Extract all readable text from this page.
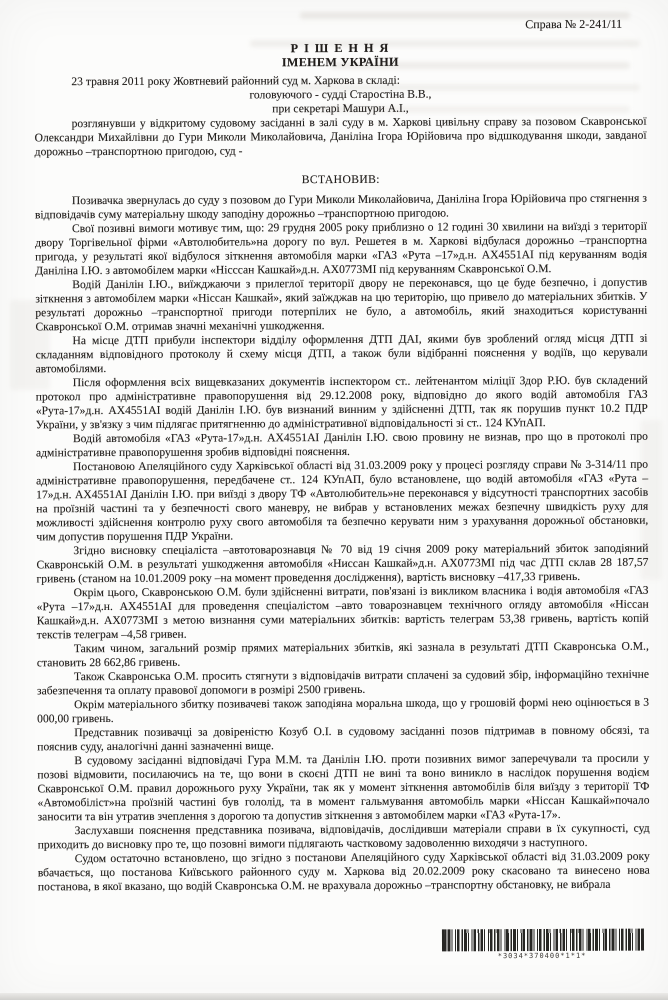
Справа № 2-241/11
Р І Ш Е Н Н Я
ІМЕНЕМ УКРАЇНИ

23 травня 2011 року Жовтневий районний суд м. Харкова в складі:

головуючого - судді Старостіна В.В.,

при секретарі Машури А.І.,

розглянувши у відкритому судовому засіданні в залі суду в м. Харкові цивільну справу за позовом Скавронської Олександри Михайлівни до Гури Миколи Миколайовича, Даніліна Ігора Юрійовича про відшкодування шкоди, завданої дорожньо –транспортною пригодою, суд -

ВСТАНОВИВ:

Позивачка звернулась до суду з позовом до Гури Миколи Миколайовича, Даніліна Ігора Юрійовича про стягнення з відповідачів суму матеріальну шкоду заподіну дорожньо –транспортною пригодою.

Свої позивні вимоги мотивує тим, що: 29 грудня 2005 року приблизно о 12 годині 30 хвилини на виїзді з території двору Торгівельної фірми «Автолюбитель»на дорогу по вул. Решетея в м. Харкові відбулася дорожньо –транспортна пригода, у результаті якої відбулося зіткнення автомобіля марки «ГАЗ «Рута –17»д.н. АХ4551АІ під керуванням водія Даніліна І.Ю. з автомобілем марки «Нісссан Кашкай»д.н. АХ0773МІ під керуванням Скавронської О.М.

Водій Данілін І.Ю., виїжджаючи з прилеглої території двору не переконався, що це буде безпечно, і допустив зіткнення з автомобілем марки «Ніссан Кашкай», який заїжджав на цю територію, що привело до матеріальних збитків. У результаті дорожньо –транспортної пригоди потерпілих не було, а автомобіль, який знаходиться користуванні Скавронської О.М. отримав значні механічні ушкодження.

На місце ДТП прибули інспектори відділу оформлення ДТП ДАІ, якими був зроблений огляд місця ДТП зі складанням відповідного протоколу й схему місця ДТП, а також були відібранні пояснення у водіїв, що керували автомобілями.

Після оформлення всіх вищевказаних документів інспектором ст.. лейтенантом міліції Здор Р.Ю. був складений протокол про адміністративне правопорушення від 29.12.2008 року, відповідно до якого водій автомобіля ГАЗ «Рута-17»д.н. АХ4551АІ водій Данілін І.Ю. був визнаний винним у здійсненні ДТП, так як порушив пункт 10.2 ПДР України, у зв'язку з чим підлягає притягненню до адміністративної відповідальності зі ст.. 124 КУпАП.

Водій автомобіля «ГАЗ «Рута-17»д.н. АХ4551АІ Данілін І.Ю. свою провину не визнав, про що в протоколі про адміністративне правопорушення зробив відповідні пояснення.

Постановою Апеляційного суду Харківської області від 31.03.2009 року у процесі розгляду справи № 3-314/11 про адміністративне правопорушення, передбачене ст.. 124 КУпАП, було встановлене, що водій автомобіля «ГАЗ «Рута –17»д.н. АХ4551АІ Данілін І.Ю. при виїзді з двору ТФ «Автолюбитель»не переконався у відсутності транспортних засобів на проїзній частині та у безпечності свого маневру, не вибрав у встановлених межах безпечну швидкість руху для можливості здійснення контролю руху свого автомобіля та безпечно керувати ним з урахування дорожньої обстановки, чим допустив порушення ПДР України.

Згідно висновку спеціаліста –автотоварознавця № 70 від 19 січня 2009 року матеріальний збиток заподіяний Скавронській О.М. в результаті ушкодження автомобіля «Ниссан Кашкай»д.н. АХ0773МІ під час ДТП склав 28 187,57 гривень (станом на 10.01.2009 року –на момент проведення дослідження), вартість висновку –417,33 гривень.

Окрім цього, Скавронською О.М. були здійсненні витрати, пов'язані із викликом власника і водія автомобіля «ГАЗ «Рута –17»д.н. АХ4551АІ для проведення спеціалістом –авто товарознавцем технічного огляду автомобіля «Ніссан Кашкай»д.н. АХ0773МІ з метою визнання суми матеріальних збитків: вартість телеграм 53,38 гривень, вартість копій текстів телеграм –4,58 гривен.

Таким чином, загальний розмір прямих матеріальних збитків, які зазнала в результаті ДТП Скавронська О.М., становить 28 662,86 гривень.

Також Скавронська О.М. просить стягнути з відповідачів витрати сплачені за судовий збір, інформаційно технічне забезпечення та оплату правової допомоги в розмірі 2500 гривень.

Окрім матеріального збитку позивачеві також заподіяна моральна шкода, що у грошовій формі нею оцінюється в 3 000,00 гривень.

Представник позивачці за довіреністю Козуб О.І. в судовому засіданні позов підтримав в повному обсязі, та пояснив суду, аналогічні данні зазначенні вище.

В судовому засіданні відповідачі Гура М.М. та Данілін І.Ю. проти позивних вимог заперечували та просили у позові відмовити, посилаючись на те, що вони в скоєні ДТП не вині та воно виникло в наслідок порушення водієм Скавронської О.М. правил дорожнього руху України, так як у момент зіткнення автомобілів біля виїзду з території ТФ «Автомобіліст»на проїзній частині був гололід, та в момент гальмування автомобіль марки «Ніссан Кашкай»почало заносити та він утратив зчеплення з дорогою та допустив зіткнення з автомобілем марки «ГАЗ «Рута-17».

Заслухавши пояснення представника позивача, відповідачів, дослідивши матеріали справи в їх сукупності, суд приходить до висновку про те, що позовні вимоги підлягають частковому задоволенню виходячи з наступного.

Судом остаточно встановлено, що згідно з постанови Апеляційного суду Харківської області від 31.03.2009 року вбачається, що постанова Київського районного суду м. Харкова від 20.02.2009 року скасовано та винесено нова постанова, в якої вказано, що водій Скавронська О.М. не врахувала дорожньо –транспортну обстановку, не вибрала

*3034*370400*1*1*
